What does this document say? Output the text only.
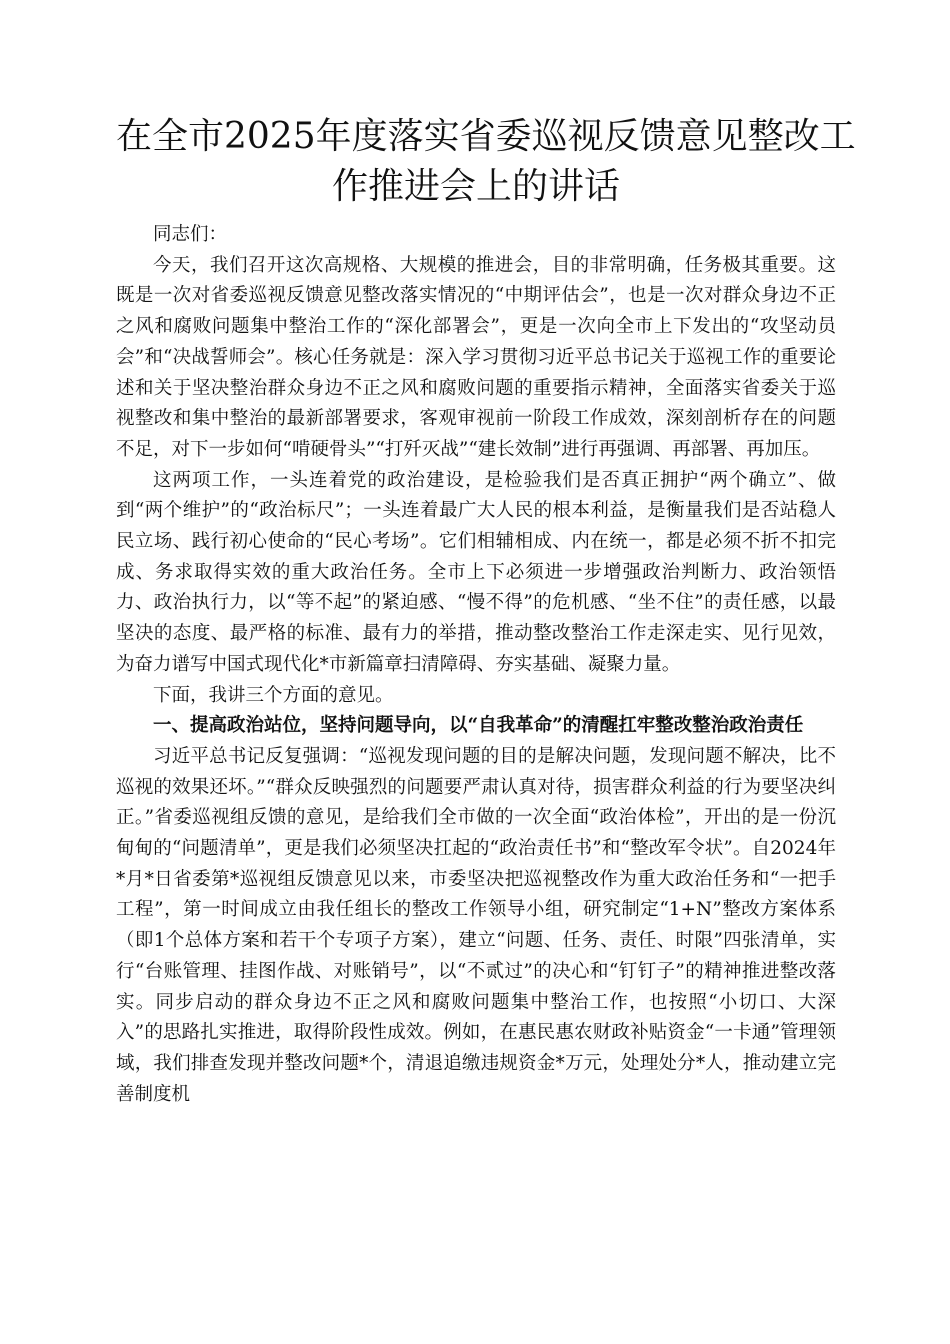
在全市2025年度落实省委巡视反馈意见整改工
作推进会上的讲话

同志们：

今天，我们召开这次高规格、大规模的推进会，目的非常明确，任务极其重要。这既是一次对省委巡视反馈意见整改落实情况的“中期评估会”，也是一次对群众身边不正之风和腐败问题集中整治工作的“深化部署会”，更是一次向全市上下发出的“攻坚动员会”和“决战誓师会”。核心任务就是：深入学习贯彻习近平总书记关于巡视工作的重要论述和关于坚决整治群众身边不正之风和腐败问题的重要指示精神，全面落实省委关于巡视整改和集中整治的最新部署要求，客观审视前一阶段工作成效，深刻剖析存在的问题不足，对下一步如何“啃硬骨头”“打歼灭战”“建长效制”进行再强调、再部署、再加压。

这两项工作，一头连着党的政治建设，是检验我们是否真正拥护“两个确立”、做到“两个维护”的“政治标尺”；一头连着最广大人民的根本利益，是衡量我们是否站稳人民立场、践行初心使命的“民心考场”。它们相辅相成、内在统一，都是必须不折不扣完成、务求取得实效的重大政治任务。全市上下必须进一步增强政治判断力、政治领悟力、政治执行力，以“等不起”的紧迫感、“慢不得”的危机感、“坐不住”的责任感，以最坚决的态度、最严格的标准、最有力的举措，推动整改整治工作走深走实、见行见效，为奋力谱写中国式现代化*市新篇章扫清障碍、夯实基础、凝聚力量。

下面，我讲三个方面的意见。

一、提高政治站位，坚持问题导向，以“自我革命”的清醒扛牢整改整治政治责任

习近平总书记反复强调：“巡视发现问题的目的是解决问题，发现问题不解决，比不巡视的效果还坏。”“群众反映强烈的问题要严肃认真对待，损害群众利益的行为要坚决纠正。”省委巡视组反馈的意见，是给我们全市做的一次全面“政治体检”，开出的是一份沉甸甸的“问题清单”，更是我们必须坚决扛起的“政治责任书”和“整改军令状”。自2024年*月*日省委第*巡视组反馈意见以来，市委坚决把巡视整改作为重大政治任务和“一把手工程”，第一时间成立由我任组长的整改工作领导小组，研究制定“1+N”整改方案体系（即1个总体方案和若干个专项子方案），建立“问题、任务、责任、时限”四张清单，实行“台账管理、挂图作战、对账销号”，以“不贰过”的决心和“钉钉子”的精神推进整改落实。同步启动的群众身边不正之风和腐败问题集中整治工作，也按照“小切口、大深入”的思路扎实推进，取得阶段性成效。例如，在惠民惠农财政补贴资金“一卡通”管理领域，我们排查发现并整改问题*个，清退追缴违规资金*万元，处理处分*人，推动建立完善制度机
